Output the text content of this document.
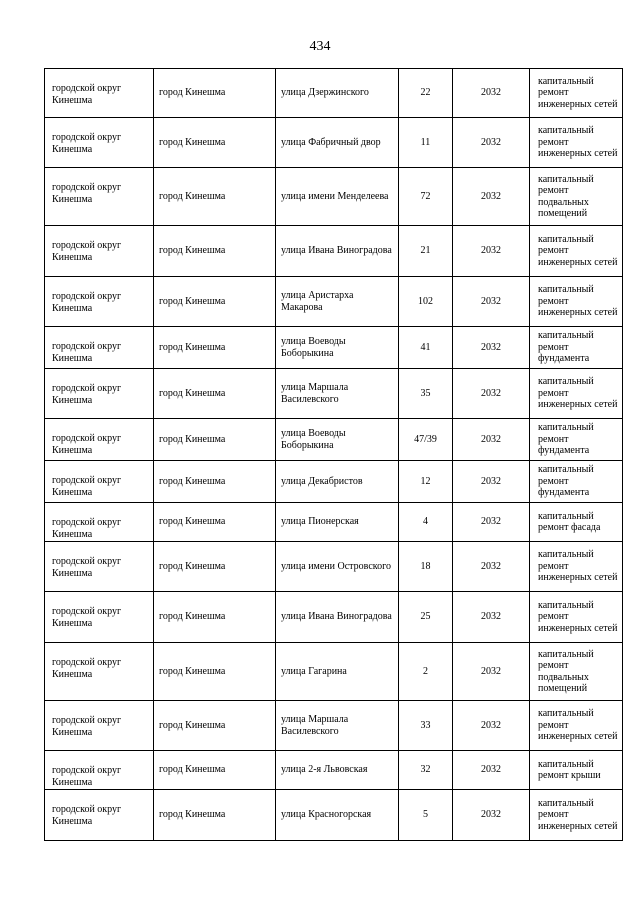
434
городской округ Кинешма	город Кинешма	улица Дзержинского	22	2032	капитальный ремонт инженерных сетей
городской округ Кинешма	город Кинешма	улица Фабричный двор	11	2032	капитальный ремонт инженерных сетей
городской округ Кинешма	город Кинешма	улица имени Менделеева	72	2032	капитальный ремонт подвальных помещений
городской округ Кинешма	город Кинешма	улица Ивана Виноградова	21	2032	капитальный ремонт инженерных сетей
городской округ Кинешма	город Кинешма	улица Аристарха Макарова	102	2032	капитальный ремонт инженерных сетей
городской округ Кинешма	город Кинешма	улица Воеводы Боборыкина	41	2032	капитальный ремонт фундамента
городской округ Кинешма	город Кинешма	улица Маршала Василевского	35	2032	капитальный ремонт инженерных сетей
городской округ Кинешма	город Кинешма	улица Воеводы Боборыкина	47/39	2032	капитальный ремонт фундамента
городской округ Кинешма	город Кинешма	улица Декабристов	12	2032	капитальный ремонт фундамента
городской округ Кинешма	город Кинешма	улица Пионерская	4	2032	капитальный ремонт фасада
городской округ Кинешма	город Кинешма	улица имени Островского	18	2032	капитальный ремонт инженерных сетей
городской округ Кинешма	город Кинешма	улица Ивана Виноградова	25	2032	капитальный ремонт инженерных сетей
городской округ Кинешма	город Кинешма	улица Гагарина	2	2032	капитальный ремонт подвальных помещений
городской округ Кинешма	город Кинешма	улица Маршала Василевского	33	2032	капитальный ремонт инженерных сетей
городской округ Кинешма	город Кинешма	улица 2-я Львовская	32	2032	капитальный ремонт крыши
городской округ Кинешма	город Кинешма	улица Красногорская	5	2032	капитальный ремонт инженерных сетей
